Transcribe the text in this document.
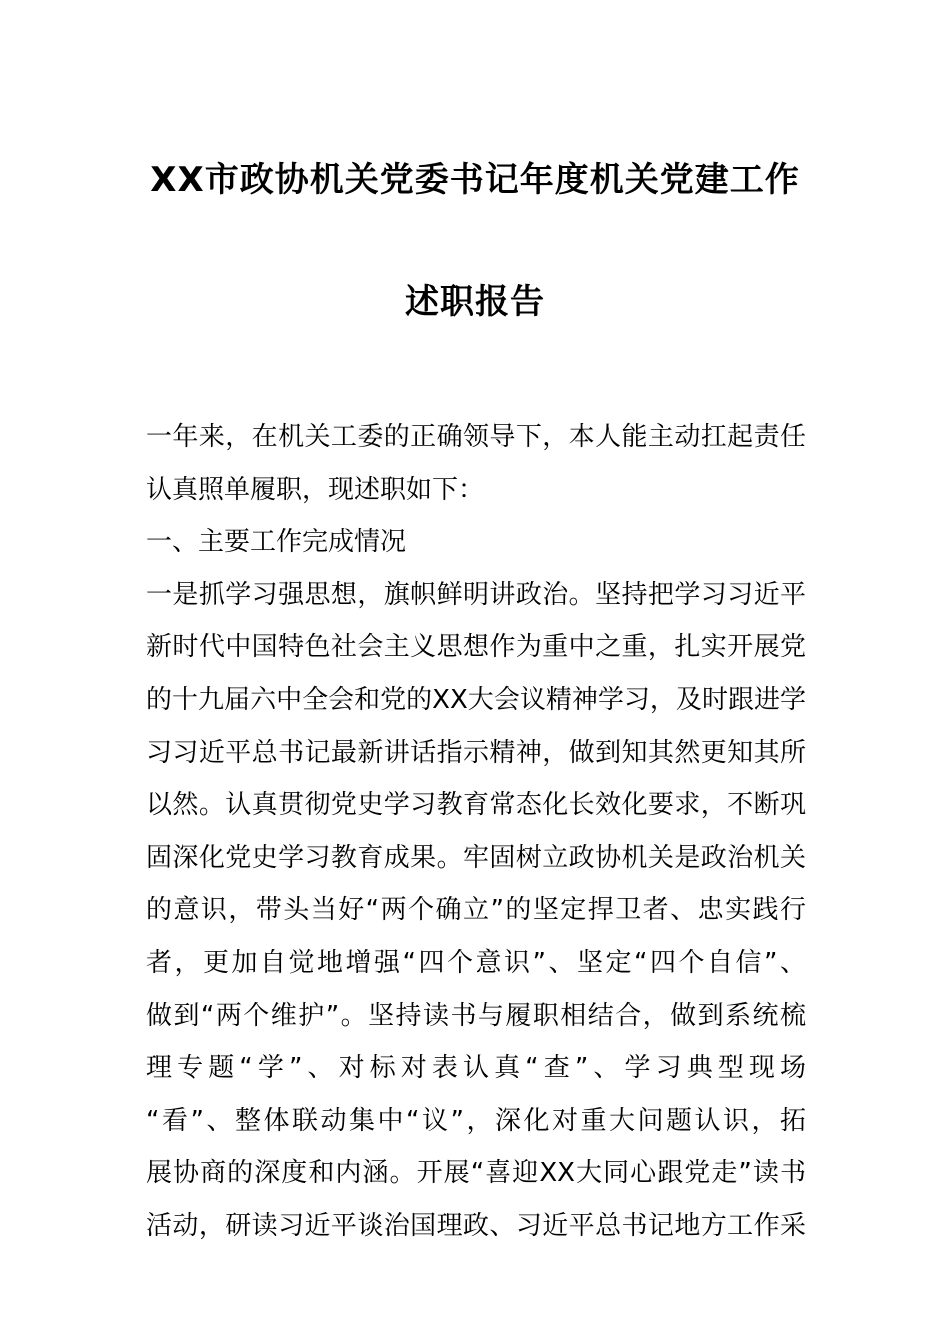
XX市政协机关党委书记年度机关党建工作
述职报告
一年来，在机关工委的正确领导下，本人能主动扛起责任
认真照单履职，现述职如下：
一、主要工作完成情况
一是抓学习强思想，旗帜鲜明讲政治。坚持把学习习近平
新时代中国特色社会主义思想作为重中之重，扎实开展党
的十九届六中全会和党的XX大会议精神学习，及时跟进学
习习近平总书记最新讲话指示精神，做到知其然更知其所
以然。认真贯彻党史学习教育常态化长效化要求，不断巩
固深化党史学习教育成果。牢固树立政协机关是政治机关
的意识，带头当好“两个确立”的坚定捍卫者、忠实践行
者，更加自觉地增强“四个意识”、坚定“四个自信”、
做到“两个维护”。坚持读书与履职相结合，做到系统梳
理专题“学”、对标对表认真“查”、学习典型现场
“看”、整体联动集中“议”，深化对重大问题认识，拓
展协商的深度和内涵。开展“喜迎XX大同心跟党走”读书
活动，研读习近平谈治国理政、习近平总书记地方工作采
